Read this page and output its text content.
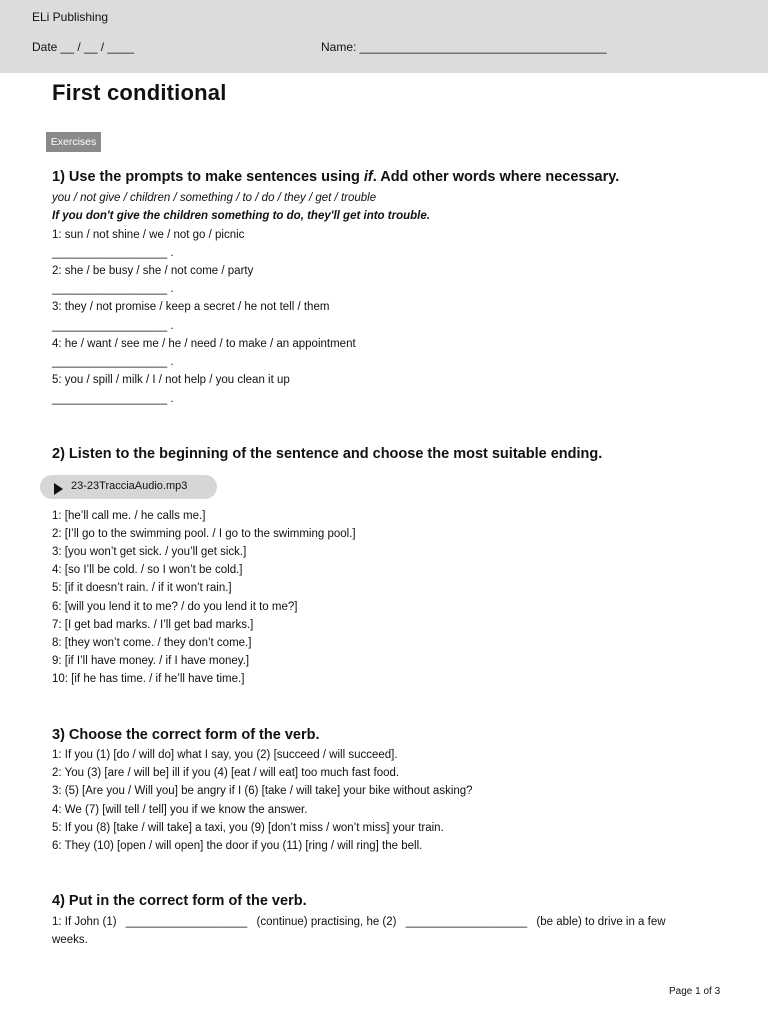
ELi Publishing
Date __ / __ / ____	Name: _____________________________________
First conditional
Exercises
1) Use the prompts to make sentences using if. Add other words where necessary.
you / not give / children / something / to / do / they / get / trouble
If you don't give the children something to do, they'll get into trouble.
1: sun / not shine / we / not go / picnic
__________________ .
2: she / be busy / she / not come / party
__________________ .
3: they / not promise / keep a secret / he not tell / them
__________________ .
4: he / want / see me / he / need / to make / an appointment
__________________ .
5: you / spill / milk / I / not help / you clean it up
__________________ .
2) Listen to the beginning of the sentence and choose the most suitable ending.
23-23TracciaAudio.mp3
1: [he’ll call me. / he calls me.]
2: [I’ll go to the swimming pool. / I go to the swimming pool.]
3: [you won’t get sick. / you’ll get sick.]
4: [so I’ll be cold. / so I won’t be cold.]
5: [if it doesn’t rain. / if it won’t rain.]
6: [will you lend it to me? / do you lend it to me?]
7: [I get bad marks. / I’ll get bad marks.]
8: [they won’t come. / they don’t come.]
9: [if I’ll have money. / if I have money.]
10: [if he has time. / if he’ll have time.]
3) Choose the correct form of the verb.
1: If you (1) [do / will do] what I say, you (2) [succeed / will succeed].
2: You (3) [are / will be] ill if you (4) [eat / will eat] too much fast food.
3: (5) [Are you / Will you] be angry if I (6) [take / will take] your bike without asking?
4: We (7) [will tell / tell] you if we know the answer.
5: If you (8) [take / will take] a taxi, you (9) [don’t miss / won’t miss] your train.
6: They (10) [open / will open] the door if you (11) [ring / will ring] the bell.
4) Put in the correct form of the verb.
1: If John (1) ___________________ (continue) practising, he (2) ___________________ (be able) to drive in a few
weeks.
Page 1 of 3
